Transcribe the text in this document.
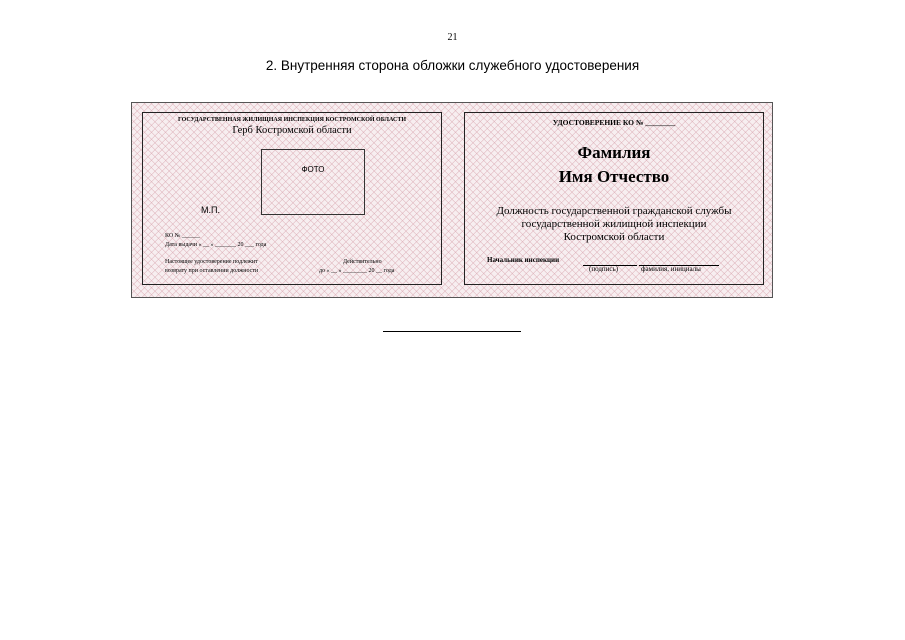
21
2. Внутренняя сторона обложки служебного удостоверения
ГОСУДАРСТВЕННАЯ ЖИЛИЩНАЯ ИНСПЕКЦИЯ КОСТРОМСКОЙ ОБЛАСТИ
Герб Костромской области
ФОТО
М.П.
КО № ______
Дата выдачи « __ » _______ 20 ___ года
Настоящее удостоверение подлежит
возврату при оставлении должности
Действительно
до « __ » ________ 20 __ года
УДОСТОВЕРЕНИЕ КО № ________
Фамилия
Имя Отчество
Должность государственной гражданской службы
государственной жилищной инспекции
Костромской области
Начальник инспекции
(подпись)	фамилия, инициалы
